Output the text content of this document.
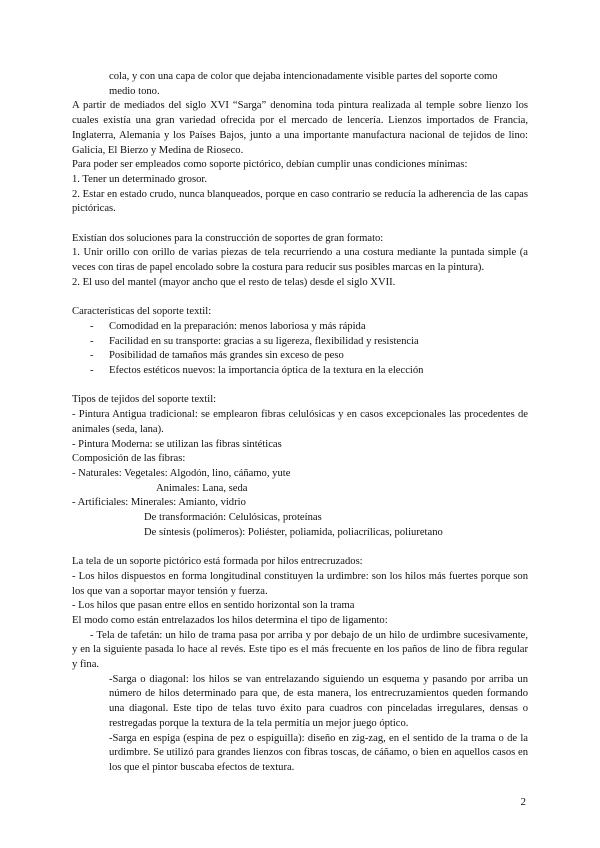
cola, y con una capa de color que dejaba intencionadamente visible partes del soporte como
medio tono.
A partir de mediados del siglo XVI “Sarga” denomina toda pintura realizada al temple sobre lienzo los cuales existía una gran variedad ofrecida por el mercado de lencería. Lienzos importados de Francia, Inglaterra, Alemania y los Países Bajos, junto a una importante manufactura nacional de tejidos de lino: Galicia, El Bierzo y Medina de Rioseco.
Para poder ser empleados como soporte pictórico, debían cumplir unas condiciones mínimas:
1. Tener un determinado grosor.
2. Estar en estado crudo, nunca blanqueados, porque en caso contrario se reducía la adherencia de las capas pictóricas.
Existían dos soluciones para la construcción de soportes de gran formato:
1. Unir orillo con orillo de varias piezas de tela recurriendo a una costura mediante la puntada simple (a veces con tiras de papel encolado sobre la costura para reducir sus posibles marcas en la pintura).
2. El uso del mantel (mayor ancho que el resto de telas) desde el siglo XVII.
Características del soporte textil:
- Comodidad en la preparación: menos laboriosa y más rápida
- Facilidad en su transporte: gracias a su ligereza, flexibilidad y resistencia
- Posibilidad de tamaños más grandes sin exceso de peso
- Efectos estéticos nuevos: la importancia óptica de la textura en la elección
Tipos de tejidos del soporte textil:
- Pintura Antigua tradicional: se emplearon fibras celulósicas y en casos excepcionales las procedentes de animales (seda, lana).
- Pintura Moderna: se utilizan las fibras sintéticas
Composición de las fibras:
- Naturales: Vegetales: Algodón, lino, cáñamo, yute
Animales: Lana, seda
- Artificiales: Minerales: Amianto, vidrio
De transformación: Celulósicas, proteínas
De síntesis (polímeros): Poliéster, poliamida, poliacrílicas, poliuretano
La tela de un soporte pictórico está formada por hilos entrecruzados:
- Los hilos dispuestos en forma longitudinal constituyen la urdimbre: son los hilos más fuertes porque son los que van a soportar mayor tensión y fuerza.
- Los hilos que pasan entre ellos en sentido horizontal son la trama
El modo como están entrelazados los hilos determina el tipo de ligamento:
- Tela de tafetán: un hilo de trama pasa por arriba y por debajo de un hilo de urdimbre sucesivamente, y en la siguiente pasada lo hace al revés. Este tipo es el más frecuente en los paños de lino de fibra regular y fina.
-Sarga o diagonal: los hilos se van entrelazando siguiendo un esquema y pasando por arriba un número de hilos determinado para que, de esta manera, los entrecruzamientos queden formando una diagonal. Este tipo de telas tuvo éxito para cuadros con pinceladas irregulares, densas o restregadas porque la textura de la tela permitía un mejor juego óptico.
-Sarga en espiga (espina de pez o espiguilla): diseño en zig-zag, en el sentido de la trama o de la urdimbre. Se utilizó para grandes lienzos con fibras toscas, de cáñamo, o bien en aquellos casos en los que el pintor buscaba efectos de textura.
2
